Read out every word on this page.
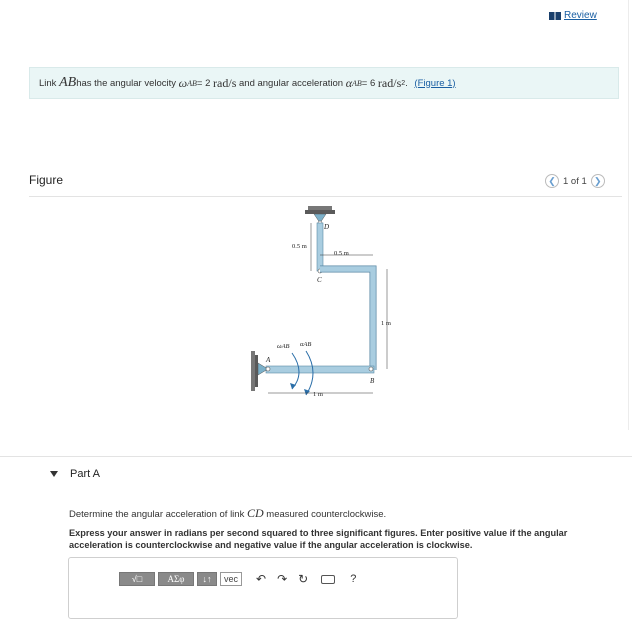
Review
Link
AB has the angular velocity
ω AB = 2
rad/s
and angular acceleration
α AB = 6
rad/s 2 .
(Figure 1)
Figure	❮ 1 of 1 ❯
D
C
B
A
0.5 m
0.5 m
1 m
1 m
ωAB αAB
Part A
Determine the angular acceleration of link CD measured counterclockwise.
Express your answer in radians per second squared to three significant figures. Enter positive value if the angular acceleration is counterclockwise and negative value if the angular acceleration is clockwise.
√□	ΑΣφ	↓↑	vec	↶ ↷ ↻	?
